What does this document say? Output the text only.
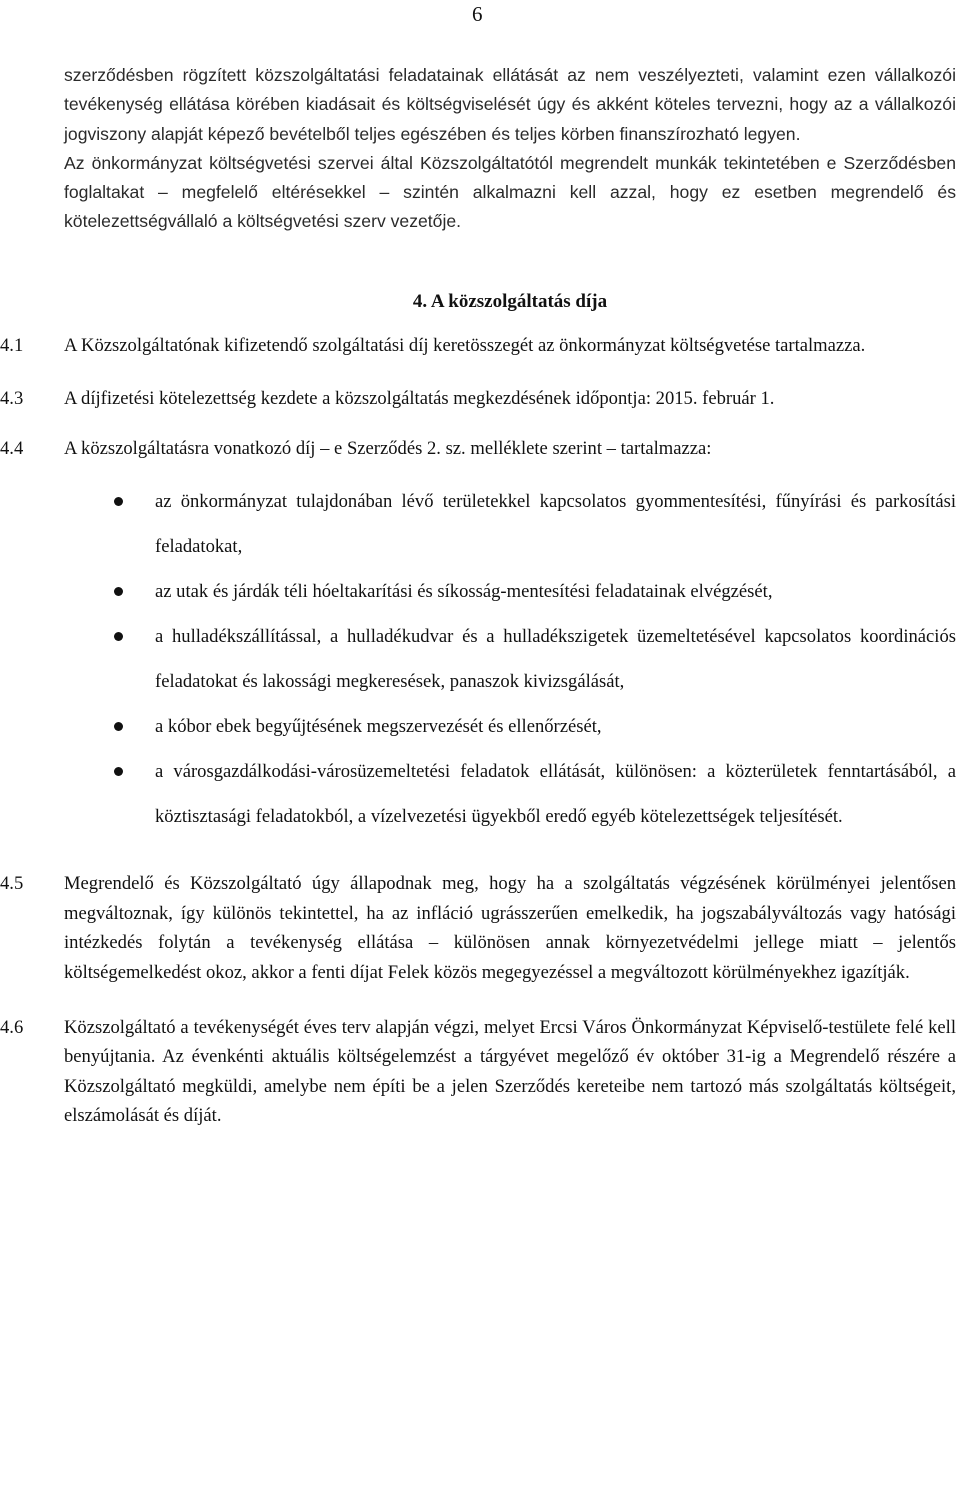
6

szerződésben rögzített közszolgáltatási feladatainak ellátását az nem veszélyezteti, valamint ezen vállalkozói tevékenység ellátása körében kiadásait és költségviselését úgy és akként köteles tervezni, hogy az a vállalkozói jogviszony alapját képező bevételből teljes egészében és teljes körben finanszírozható legyen.

Az önkormányzat költségvetési szervei által Közszolgáltatótól megrendelt munkák tekintetében e Szerződésben foglaltakat – megfelelő eltérésekkel – szintén alkalmazni kell azzal, hogy ez esetben megrendelő és kötelezettségvállaló a költségvetési szerv vezetője.

4. A közszolgáltatás díja
4.1	A Közszolgáltatónak kifizetendő szolgáltatási díj keretösszegét az önkormányzat költségvetése tartalmazza.
4.3	A díjfizetési kötelezettség kezdete a közszolgáltatás megkezdésének időpontja: 2015. február 1.
4.4	A közszolgáltatásra vonatkozó díj – e Szerződés 2. sz. melléklete szerint – tartalmazza:
az önkormányzat tulajdonában lévő területekkel kapcsolatos gyommentesítési, fűnyírási és parkosítási feladatokat,
az utak és járdák téli hóeltakarítási és síkosság-mentesítési feladatainak elvégzését,
a hulladékszállítással, a hulladékudvar és a hulladékszigetek üzemeltetésével kapcsolatos koordinációs feladatokat és lakossági megkeresések, panaszok kivizsgálását,
a kóbor ebek begyűjtésének megszervezését és ellenőrzését,
a városgazdálkodási-városüzemeltetési feladatok ellátását, különösen: a közterületek fenntartásából, a köztisztasági feladatokból, a vízelvezetési ügyekből eredő egyéb kötelezettségek teljesítését.
4.5	Megrendelő és Közszolgáltató úgy állapodnak meg, hogy ha a szolgáltatás végzésének körülményei jelentősen megváltoznak, így különös tekintettel, ha az infláció ugrásszerűen emelkedik, ha jogszabályváltozás vagy hatósági intézkedés folytán a tevékenység ellátása – különösen annak környezetvédelmi jellege miatt – jelentős költségemelkedést okoz, akkor a fenti díjat Felek közös megegyezéssel a megváltozott körülményekhez igazítják.
4.6	Közszolgáltató a tevékenységét éves terv alapján végzi, melyet Ercsi Város Önkormányzat Képviselő-testülete felé kell benyújtania. Az évenkénti aktuális költségelemzést a tárgyévet megelőző év október 31-ig a Megrendelő részére a Közszolgáltató megküldi, amelybe nem építi be a jelen Szerződés kereteibe nem tartozó más szolgáltatás költségeit, elszámolását és díját.
